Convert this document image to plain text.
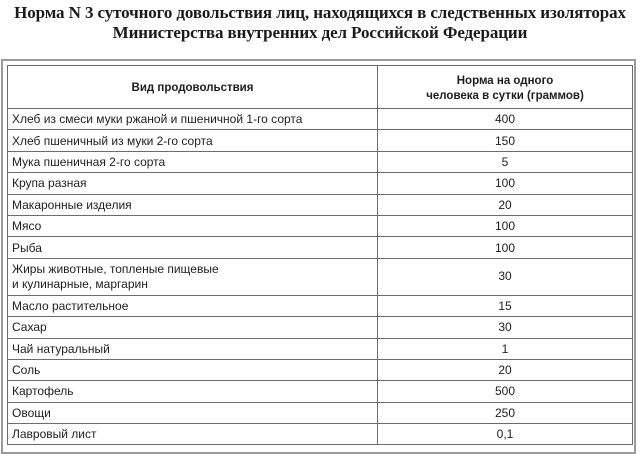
Норма N 3 суточного довольствия лиц, находящихся в следственных изоляторах
Министерства внутренних дел Российской Федерации
Вид продовольствия	Норма на одного
человека в сутки (граммов)

Хлеб из смеси муки ржаной и пшеничной 1-го сорта	400
Хлеб пшеничный из муки 2-го сорта	150
Мука пшеничная 2-го сорта	5
Крупа разная	100
Макаронные изделия	20
Мясо	100
Рыба	100

Жиры животные, топленые пищевые
и кулинарные, маргарин	30
Масло растительное	15
Сахар	30
Чай натуральный	1
Соль	20
Картофель	500
Овощи	250
Лавровый лист	0,1
